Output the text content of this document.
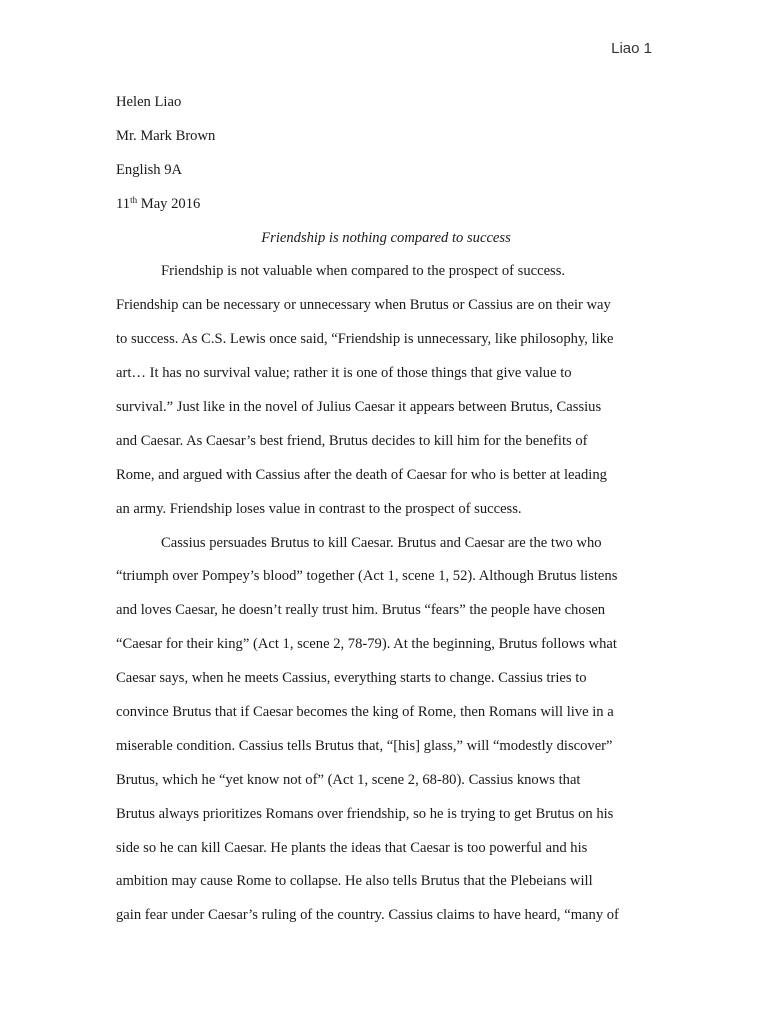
Liao 1
Helen Liao
Mr. Mark Brown
English 9A
11th May 2016
Friendship is nothing compared to success
Friendship is not valuable when compared to the prospect of success.
Friendship can be necessary or unnecessary when Brutus or Cassius are on their way
to success. As C.S. Lewis once said, “Friendship is unnecessary, like philosophy, like
art… It has no survival value; rather it is one of those things that give value to
survival.” Just like in the novel of Julius Caesar it appears between Brutus, Cassius
and Caesar. As Caesar’s best friend, Brutus decides to kill him for the benefits of
Rome, and argued with Cassius after the death of Caesar for who is better at leading
an army. Friendship loses value in contrast to the prospect of success.
Cassius persuades Brutus to kill Caesar. Brutus and Caesar are the two who
“triumph over Pompey’s blood” together (Act 1, scene 1, 52). Although Brutus listens
and loves Caesar, he doesn’t really trust him. Brutus “fears” the people have chosen
“Caesar for their king” (Act 1, scene 2, 78-79). At the beginning, Brutus follows what
Caesar says, when he meets Cassius, everything starts to change. Cassius tries to
convince Brutus that if Caesar becomes the king of Rome, then Romans will live in a
miserable condition. Cassius tells Brutus that, “[his] glass,” will “modestly discover”
Brutus, which he “yet know not of” (Act 1, scene 2, 68-80). Cassius knows that
Brutus always prioritizes Romans over friendship, so he is trying to get Brutus on his
side so he can kill Caesar. He plants the ideas that Caesar is too powerful and his
ambition may cause Rome to collapse. He also tells Brutus that the Plebeians will
gain fear under Caesar’s ruling of the country. Cassius claims to have heard, “many of
